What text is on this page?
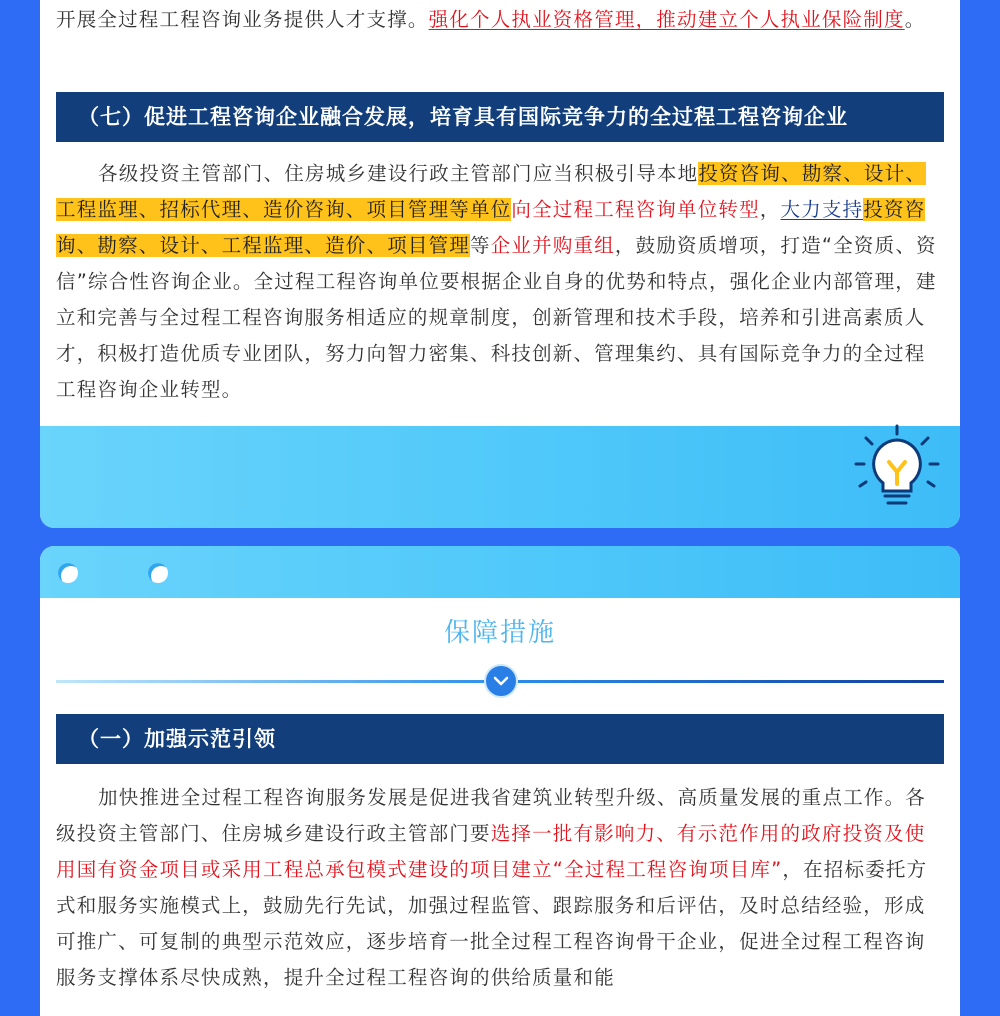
开展全过程工程咨询业务提供人才支撑。强化个人执业资格管理，推动建立个人执业保险制度。

（七）促进工程咨询企业融合发展，培育具有国际竞争力的全过程工程咨询企业

各级投资主管部门、住房城乡建设行政主管部门应当积极引导本地投资咨询、勘察、设计、工程监理、招标代理、造价咨询、项目管理等单位向全过程工程咨询单位转型，大力支持投资咨询、勘察、设计、工程监理、造价、项目管理等企业并购重组，鼓励资质增项，打造“全资质、资信”综合性咨询企业。全过程工程咨询单位要根据企业自身的优势和特点，强化企业内部管理，建立和完善与全过程工程咨询服务相适应的规章制度，创新管理和技术手段，培养和引进高素质人才，积极打造优质专业团队，努力向智力密集、科技创新、管理集约、具有国际竞争力的全过程工程咨询企业转型。

保障措施
（一）加强示范引领

加快推进全过程工程咨询服务发展是促进我省建筑业转型升级、高质量发展的重点工作。各级投资主管部门、住房城乡建设行政主管部门要选择一批有影响力、有示范作用的政府投资及使用国有资金项目或采用工程总承包模式建设的项目建立“全过程工程咨询项目库”，在招标委托方式和服务实施模式上，鼓励先行先试，加强过程监管、跟踪服务和后评估，及时总结经验，形成可推广、可复制的典型示范效应，逐步培育一批全过程工程咨询骨干企业，促进全过程工程咨询服务支撑体系尽快成熟，提升全过程工程咨询的供给质量和能
